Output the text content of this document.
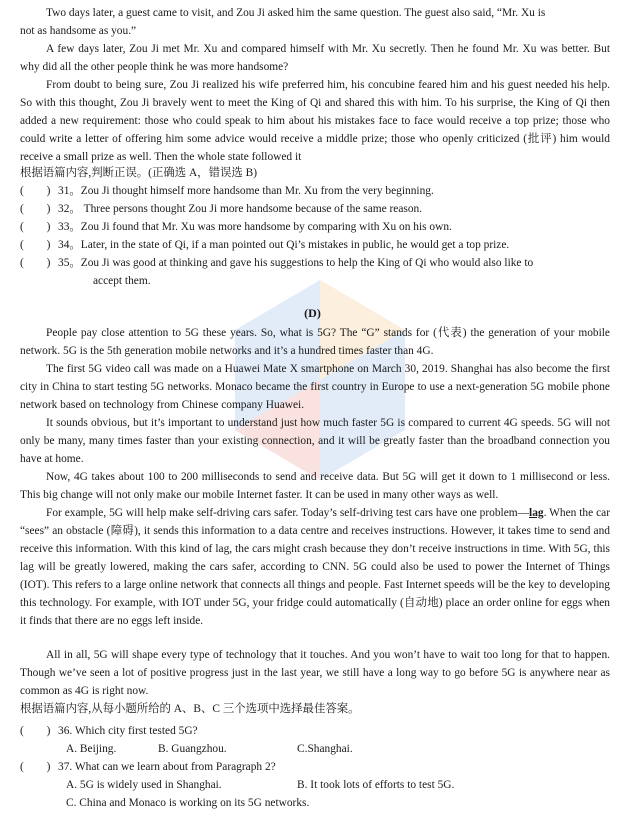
Two days later, a guest came to visit, and Zou Ji asked him the same question. The guest also said, “Mr. Xu is

not as handsome as you.”

A few days later, Zou Ji met Mr. Xu and compared himself with Mr. Xu secretly. Then he found Mr. Xu was better. But why did all the other people think he was more handsome?

From doubt to being sure, Zou Ji realized his wife preferred him, his concubine feared him and his guest needed his help. So with this thought, Zou Ji bravely went to meet the King of Qi and shared this with him. To his surprise, the King of Qi then added a new requirement: those who could speak to him about his mistakes face to face would receive a top prize; those who could write a letter of offering him some advice would receive a middle prize; those who openly criticized (批评) him would receive a small prize as well. Then the whole state followed it

根据语篇内容,判断正误。(正确选 A，错误选 B)

(　　) 31。Zou Ji thought himself more handsome than Mr. Xu from the very beginning.

(　　) 32。 Three persons thought Zou Ji more handsome because of the same reason.

(　　) 33。Zou Ji found that Mr. Xu was more handsome by comparing with Xu on his own.

(　　) 34。Later, in the state of Qi, if a man pointed out Qi’s mistakes in public, he would get a top prize.

(　　) 35。Zou Ji was good at thinking and gave his suggestions to help the King of Qi who would also like to

accept them.
(D)

People pay close attention to 5G these years. So, what is 5G? The “G” stands for (代表) the generation of your mobile network. 5G is the 5th generation mobile networks and it’s a hundred times faster than 4G.

The first 5G video call was made on a Huawei Mate X smartphone on March 30, 2019. Shanghai has also become the first city in China to start testing 5G networks. Monaco became the first country in Europe to use a next-generation 5G mobile phone network based on technology from Chinese company Huawei.

It sounds obvious, but it’s important to understand just how much faster 5G is compared to current 4G speeds. 5G will not only be many, many times faster than your existing connection, and it will be greatly faster than the broadband connection you have at home.

Now, 4G takes about 100 to 200 milliseconds to send and receive data. But 5G will get it down to 1 millisecond or less. This big change will not only make our mobile Internet faster. It can be used in many other ways as well.

For example, 5G will help make self-driving cars safer. Today’s self-driving test cars have one problem—lag. When the car “sees” an obstacle (障碍), it sends this information to a data centre and receives instructions. However, it takes time to send and receive this information. With this kind of lag, the cars might crash because they don’t receive instructions in time. With 5G, this lag will be greatly lowered, making the cars safer, according to CNN. 5G could also be used to power the Internet of Things (IOT). This refers to a large online network that connects all things and people. Fast Internet speeds will be the key to developing this technology. For example, with IOT under 5G, your fridge could automatically (自动地) place an order online for eggs when it finds that there are no eggs left inside.

All in all, 5G will shape every type of technology that it touches. And you won’t have to wait too long for that to happen. Though we’ve seen a lot of positive progress just in the last year, we still have a long way to go before 5G is anywhere near as common as 4G is right now.

根据语篇内容,从每小题所给的 A、B、C 三个选项中选择最佳答案。

(　　) 36. Which city first tested 5G?

A. Beijing.	B. Guangzhou.	C.Shanghai.

(　　) 37. What can we learn about from Paragraph 2?

A. 5G is widely used in Shanghai.	B. It took lots of efforts to test 5G.
C. China and Monaco is working on its 5G networks.
